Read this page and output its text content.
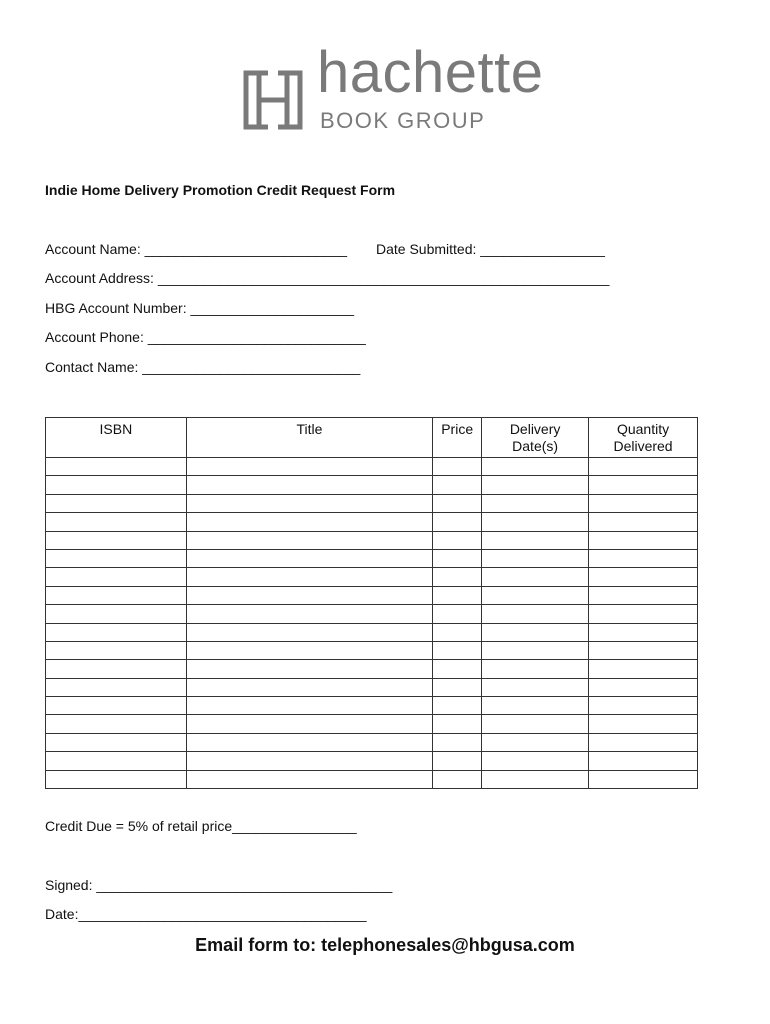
hachette
BOOK GROUP
Indie Home Delivery Promotion Credit Request Form
Account Name: __________________________ Date Submitted: ________________
Account Address: __________________________________________________________
HBG Account Number: _____________________
Account Phone: ____________________________
Contact Name: ____________________________
ISBN	Title	Price	Delivery Date(s)	Quantity Delivered

Credit Due = 5% of retail price________________
Signed: ______________________________________
Date:_____________________________________
Email form to: telephonesales@hbgusa.com
